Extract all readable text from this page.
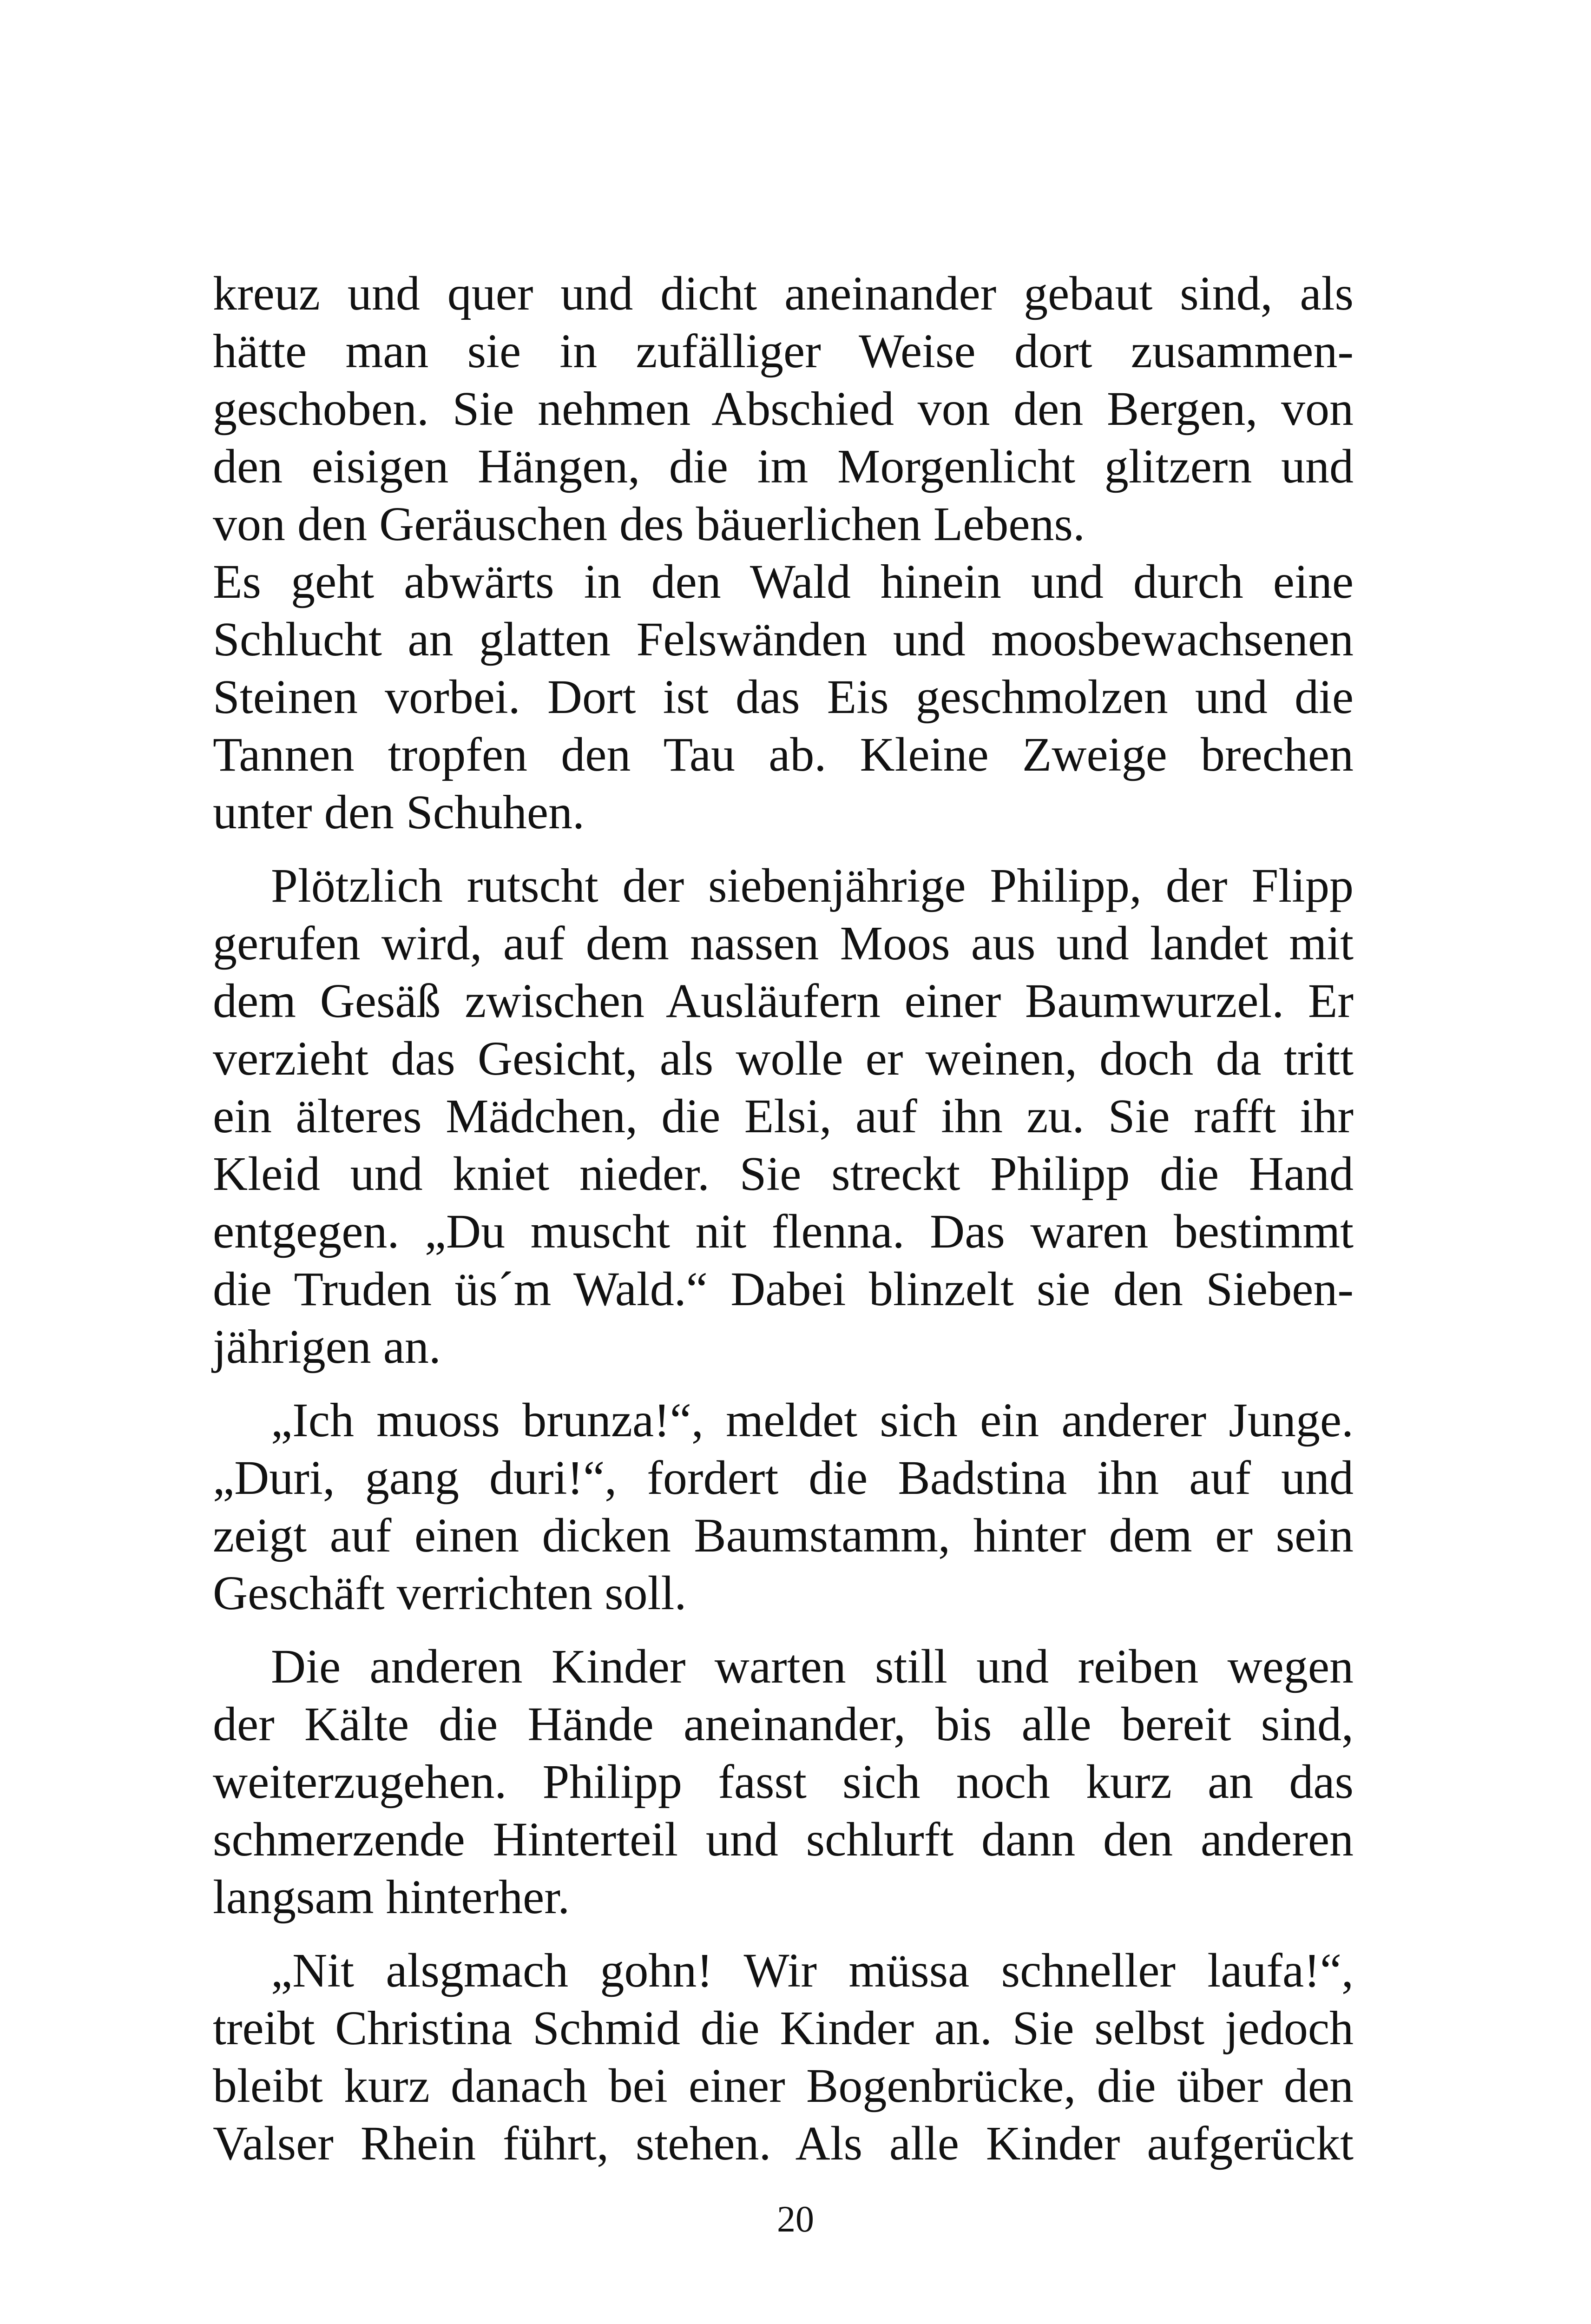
kreuz und quer und dicht aneinander gebaut sind, als
hätte man sie in zufälliger Weise dort zusammen-
geschoben. Sie nehmen Abschied von den Bergen, von
den eisigen Hängen, die im Morgenlicht glitzern und
von den Geräuschen des bäuerlichen Lebens.
Es geht abwärts in den Wald hinein und durch eine
Schlucht an glatten Felswänden und moosbewachsenen
Steinen vorbei. Dort ist das Eis geschmolzen und die
Tannen tropfen den Tau ab. Kleine Zweige brechen
unter den Schuhen.
Plötzlich rutscht der siebenjährige Philipp, der Flipp
gerufen wird, auf dem nassen Moos aus und landet mit
dem Gesäß zwischen Ausläufern einer Baumwurzel. Er
verzieht das Gesicht, als wolle er weinen, doch da tritt
ein älteres Mädchen, die Elsi, auf ihn zu. Sie rafft ihr
Kleid und kniet nieder. Sie streckt Philipp die Hand
entgegen. „Du muscht nit flenna. Das waren bestimmt
die Truden üs´m Wald.“ Dabei blinzelt sie den Sieben-
jährigen an.
„Ich muoss brunza!“, meldet sich ein anderer Junge.
„Duri, gang duri!“, fordert die Badstina ihn auf und
zeigt auf einen dicken Baumstamm, hinter dem er sein
Geschäft verrichten soll.
Die anderen Kinder warten still und reiben wegen
der Kälte die Hände aneinander, bis alle bereit sind,
weiterzugehen. Philipp fasst sich noch kurz an das
schmerzende Hinterteil und schlurft dann den anderen
langsam hinterher.
„Nit alsgmach gohn! Wir müssa schneller laufa!“,
treibt Christina Schmid die Kinder an. Sie selbst jedoch
bleibt kurz danach bei einer Bogenbrücke, die über den
Valser Rhein führt, stehen. Als alle Kinder aufgerückt
20
